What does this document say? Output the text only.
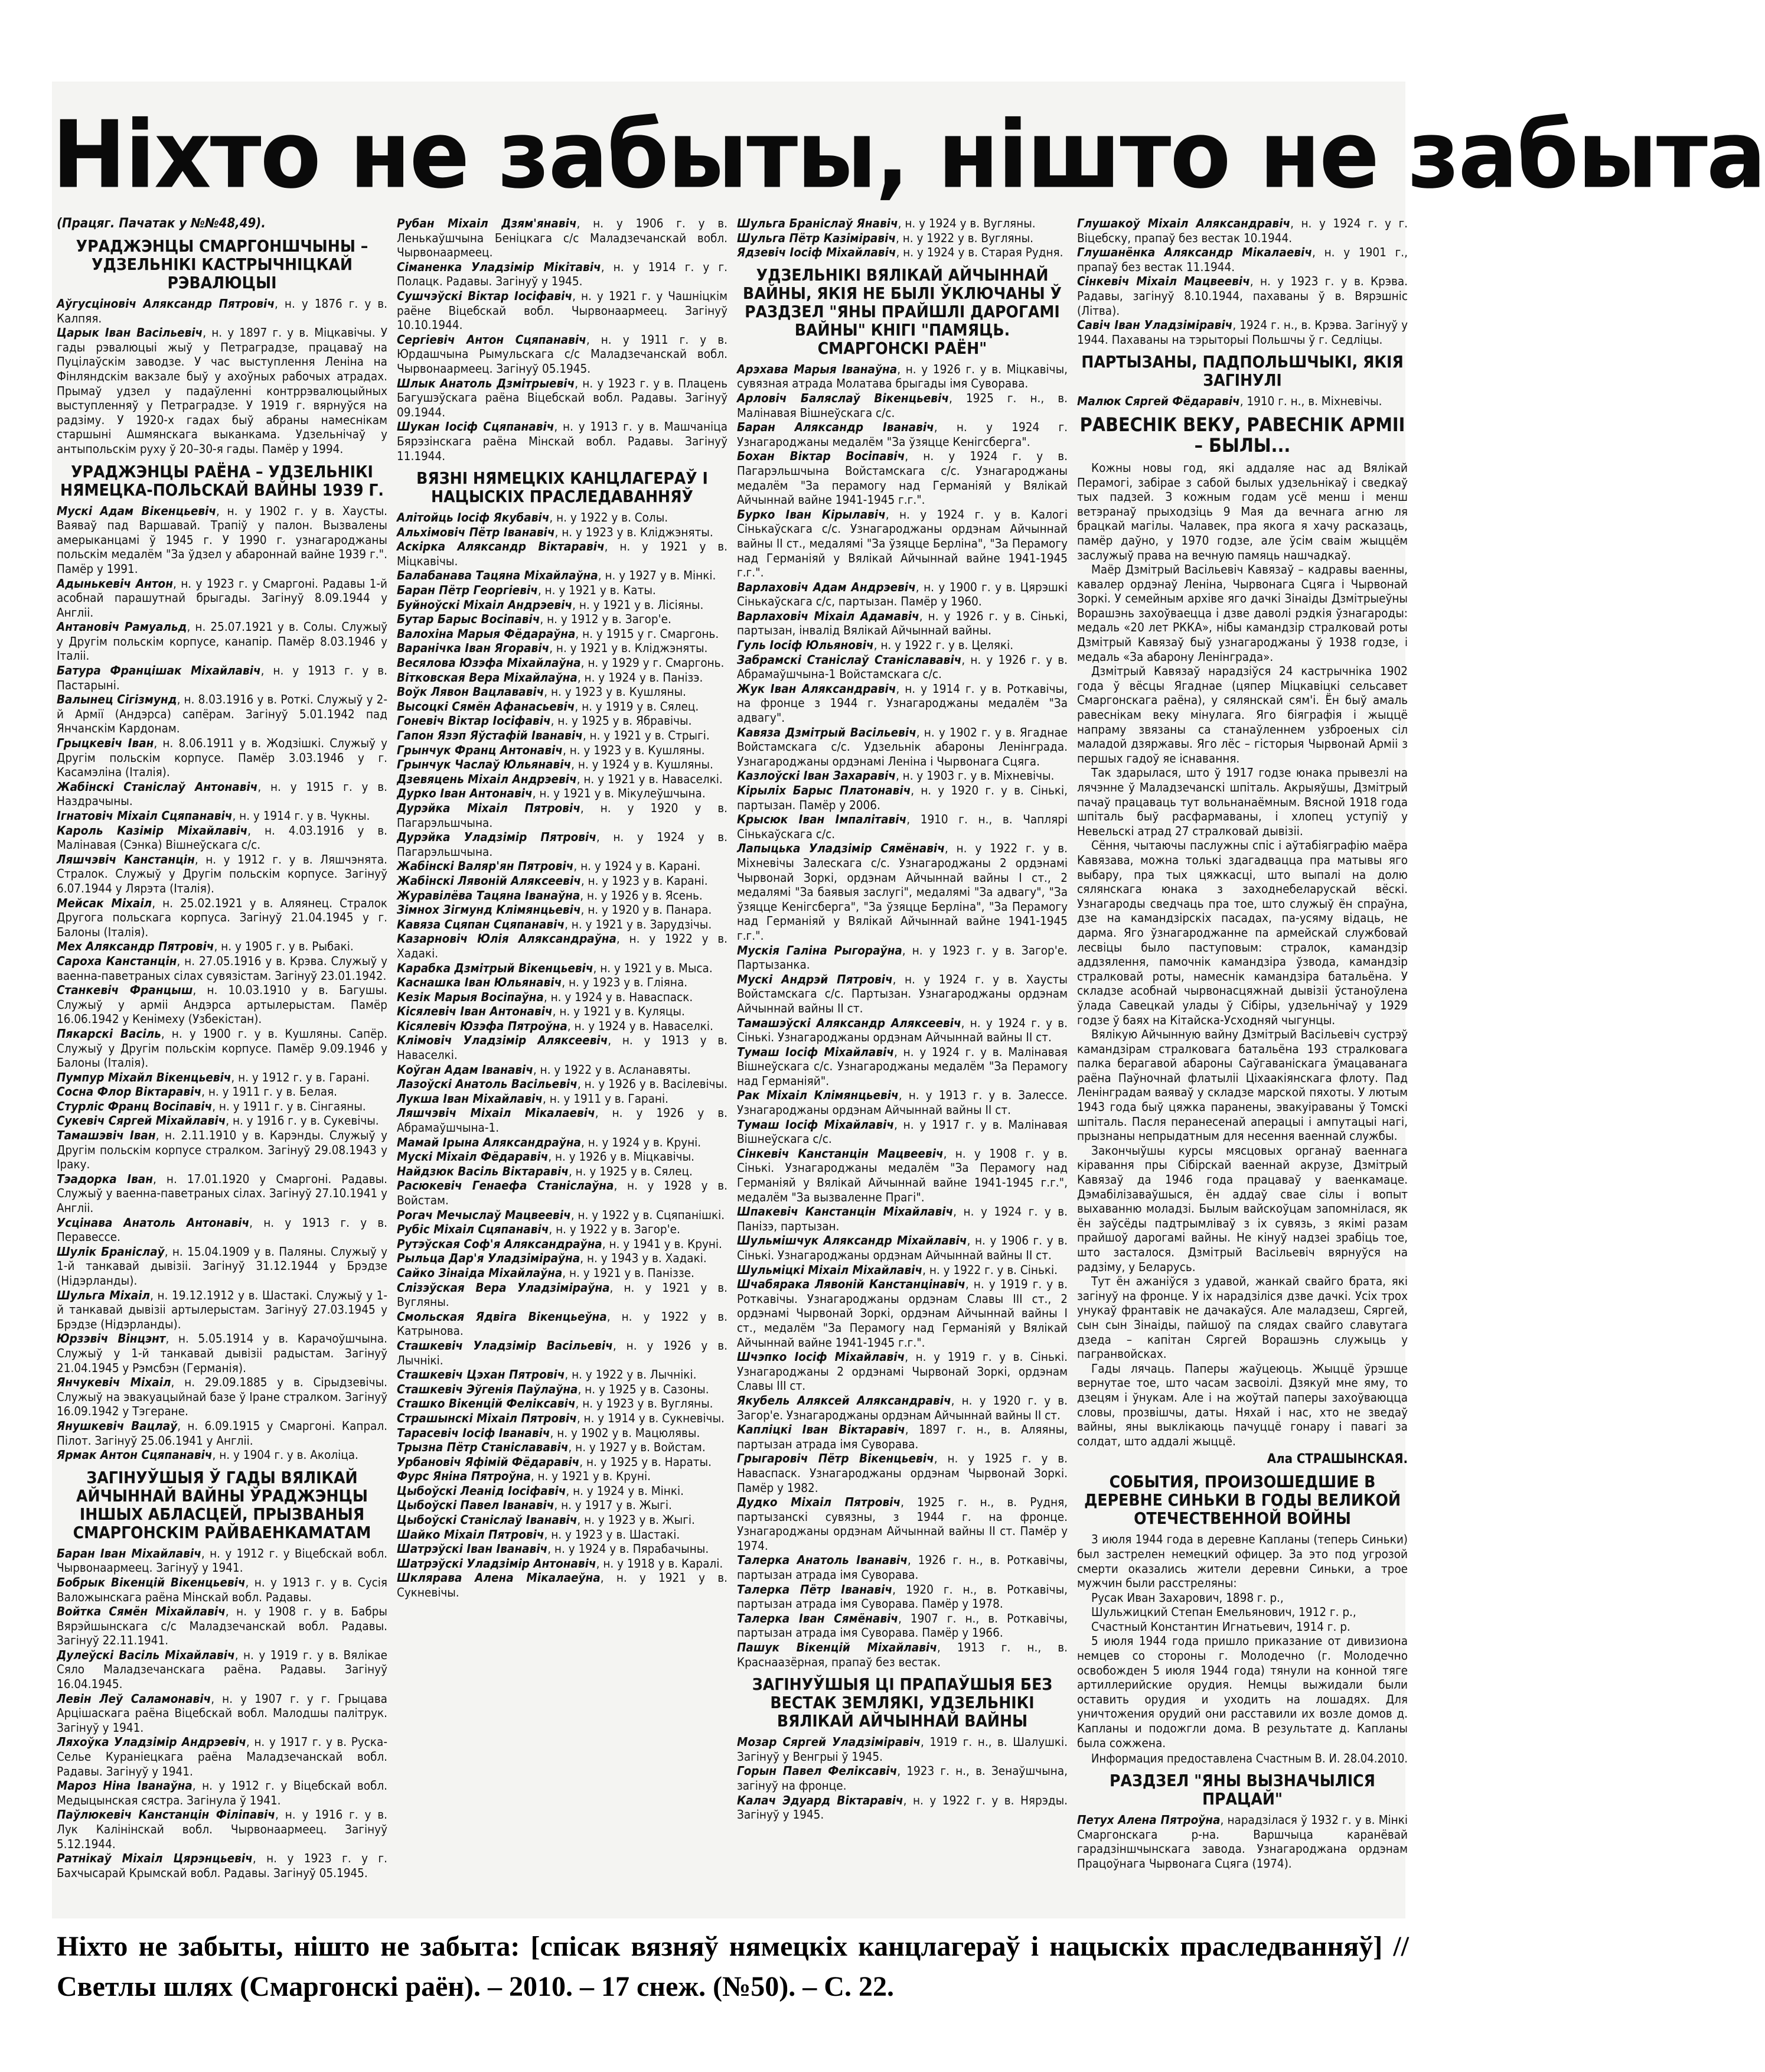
Ніхто не забыты, нішто не забыта
(Працяг. Пачатак у №№48,49).
УРАДЖЭНЦЫ СМАРГОНШЧЫНЫ – УДЗЕЛЬНІКІ КАСТРЫЧНІЦКАЙ РЭВАЛЮЦЫІ

Аўгусціновіч Аляксандр Пятровіч, н. у 1876 г. у в. Калпяя.

Царык Іван Васільевіч, н. у 1897 г. у в. Міцкавічы. У гады рэвалюцыі жыў у Петраградзе, працаваў на Пуцілаўскім заводзе. У час выступлення Леніна на Фінляндскім вакзале быў у ахоўных рабочых атрадах. Прымаў удзел у падаўленні контррэвалюцыйных выступленняў у Петраградзе. У 1919 г. вярнуўся на радзіму. У 1920-х гадах быў абраны намеснікам старшыні Ашмянскага выканкама. Удзельнічаў у антыпольскім руху ў 20–30-я гады. Памёр у 1994.

УРАДЖЭНЦЫ РАЁНА – УДЗЕЛЬНІКІ НЯМЕЦКА-ПОЛЬСКАЙ ВАЙНЫ 1939 Г.

Мускі Адам Вікенцьевіч, н. у 1902 г. у в. Хаусты. Ваяваў пад Варшавай. Трапіў у палон. Вызвалены амерыканцамі ў 1945 г. У 1990 г. узнагароджаны польскім медалём "За ўдзел у абароннай вайне 1939 г.". Памёр у 1991.

Адынькевіч Антон, н. у 1923 г. у Смаргоні. Радавы 1-й асобнай парашутнай брыгады. Загінуў 8.09.1944 у Англіі.

Антановіч Рамуальд, н. 25.07.1921 у в. Солы. Служыў у Другім польскім корпусе, канапір. Памёр 8.03.1946 у Італіі.

Батура Францішак Міхайлавіч, н. у 1913 г. у в. Пастарыні.

Валынец Сігізмунд, н. 8.03.1916 у в. Роткі. Служыў у 2-й Армії (Андэрса) сапёрам. Загінуў 5.01.1942 пад Янчанскім Кардонам.

Грыцкевіч Іван, н. 8.06.1911 у в. Жодзішкі. Служыў у Другім польскім корпусе. Памёр 3.03.1946 у г. Касамэліна (Італія).

Жабінскі Станіслаў Антонавіч, н. у 1915 г. у в. Наздрачыны.

Ігнатовіч Міхаіл Сцяпанавіч, н. у 1914 г. у в. Чукны.

Кароль Казімір Міхайлавіч, н. 4.03.1916 у в. Малінавая (Сэнка) Вішнеўскага с/с.

Ляшчэвіч Канстанцін, н. у 1912 г. у в. Ляшчэнята. Стралок. Служыў у Другім польскім корпусе. Загінуў 6.07.1944 у Лярэта (Італія).

Мейсак Міхаіл, н. 25.02.1921 у в. Аляянец. Стралок Другога польскага корпуса. Загінуў 21.04.1945 у г. Балоны (Італія).

Мех Аляксандр Пятровіч, н. у 1905 г. у в. Рыбакі.

Сароха Канстанцін, н. 27.05.1916 у в. Крэва. Служыў у ваенна-паветраных сілах сувязістам. Загінуў 23.01.1942.

Станкевіч Францыш, н. 10.03.1910 у в. Багушы. Служыў у арміі Андэрса артылерыстам. Памёр 16.06.1942 у Кенімеху (Узбекістан).

Пякарскі Васіль, н. у 1900 г. у в. Кушляны. Сапёр. Служыў у Другім польскім корпусе. Памёр 9.09.1946 у Балоны (Італія).

Пумпур Міхайл Вікенцьевіч, н. у 1912 г. у в. Гарані.

Сосна Флор Віктаравіч, н. у 1911 г. у в. Белая.

Стурліс Франц Восіпавіч, н. у 1911 г. у в. Сінгаяны.

Сукевіч Сяргей Міхайлавіч, н. у 1916 г. у в. Сукевічы.

Тамашэвіч Іван, н. 2.11.1910 у в. Карэнды. Служыў у Другім польскім корпусе стралком. Загінуў 29.08.1943 у Іраку.

Тэадорка Іван, н. 17.01.1920 у Смаргоні. Радавы. Служыў у ваенна-паветраных сілах. Загінуў 27.10.1941 у Англіі.

Усцінава Анатоль Антонавіч, н. у 1913 г. у в. Перавессе.

Шулік Браніслаў, н. 15.04.1909 у в. Паляны. Служыў у 1-й танкавай дывізіі. Загінуў 31.12.1944 у Брэдзе (Нідэрланды).

Шульга Міхаіл, н. 19.12.1912 у в. Шастакі. Служыў у 1-й танкавай дывізіі артылерыстам. Загінуў 27.03.1945 у Брэдзе (Нідэрланды).

Юрзэвіч Вінцэнт, н. 5.05.1914 у в. Карачоўшчына. Служыў у 1-й танкавай дывізіі радыстам. Загінуў 21.04.1945 у Рэмсбэн (Германія).

Янчукевіч Міхаіл, н. 29.09.1885 у в. Сірыдзевічы. Служыў на эвакуацыйнай базе ў Іране стралком. Загінуў 16.09.1942 у Тэгеране.

Янушкевіч Вацлаў, н. 6.09.1915 у Смаргоні. Капрал. Пілот. Загінуў 25.06.1941 у Англіі.

Ярмак Антон Сцяпанавіч, н. у 1904 г. у в. Аколіца.

ЗАГІНУЎШЫЯ Ў ГАДЫ ВЯЛІКАЙ АЙЧЫННАЙ ВАЙНЫ ЎРАДЖЭНЦЫ ІНШЫХ АБЛАСЦЕЙ, ПРЫЗВАНЫЯ СМАРГОНСКІМ РАЙВАЕНКАМАТАМ

Баран Іван Міхайлавіч, н. у 1912 г. у Віцебскай вобл. Чырвонаармеец. Загінуў у 1941.

Бобрык Вікенцій Вікенцьевіч, н. у 1913 г. у в. Сусія Валожынскага раёна Мінскай вобл. Радавы.

Войтка Сямён Міхайлавіч, н. у 1908 г. у в. Бабры Вярэйшынскага с/с Маладзечанскай вобл. Радавы. Загінуў 22.11.1941.

Дулеўскі Васіль Міхайлавіч, н. у 1919 г. у в. Вялікае Сяло Маладзечанскага раёна. Радавы. Загінуў 16.04.1945.

Левін Леў Саламонавіч, н. у 1907 г. у г. Грыцава Арцішаскага раёна Віцебскай вобл. Малодшы палітрук. Загінуў у 1941.

Ляхоўка Уладзімір Андрэевіч, н. у 1917 г. у в. Руска-Селье Кураніецкага раёна Маладзечанскай вобл. Радавы. Загінуў у 1941.

Мароз Ніна Іванаўна, н. у 1912 г. у Віцебскай вобл. Медыцынская сястра. Загінула ў 1941.

Паўлюкевіч Канстанцін Філіпавіч, н. у 1916 г. у в. Лук Калінінскай вобл. Чырвонаармеец. Загінуў 5.12.1944.

Ратнікаў Міхаіл Цярэнцьевіч, н. у 1923 г. у г. Бахчысарай Крымскай вобл. Радавы. Загінуў 05.1945.

Рубан Міхаіл Дзям'янавіч, н. у 1906 г. у в. Ленькаўшчына Беніцкага с/с Маладзечанскай вобл. Чырвонаармеец.

Сіманенка Уладзімір Мікітавіч, н. у 1914 г. у г. Полацк. Радавы. Загінуў у 1945.

Сушчэўскі Віктар Іосіфавіч, н. у 1921 г. у Чашніцкім раёне Віцебскай вобл. Чырвонаармеец. Загінуў 10.10.1944.

Сергіевіч Антон Сцяпанавіч, н. у 1911 г. у в. Юрдашчына Рымульскага с/с Маладзечанскай вобл. Чырвонаармеец. Загінуў 05.1945.

Шлык Анатоль Дзмітрыевіч, н. у 1923 г. у в. Плацень Багушэўскага раёна Віцебскай вобл. Радавы. Загінуў 09.1944.

Шукан Іосіф Сцяпанавіч, н. у 1913 г. у в. Машчаніца Бярэзінскага раёна Мінскай вобл. Радавы. Загінуў 11.1944.

ВЯЗНІ НЯМЕЦКІХ КАНЦЛАГЕРАЎ І НАЦЫСКІХ ПРАСЛЕДАВАННЯЎ

Алітойць Іосіф Якубавіч, н. у 1922 у в. Солы.

Альхімовіч Пётр Іванавіч, н. у 1923 у в. Кліджэняты.

Аскірка Аляксандр Віктаравіч, н. у 1921 у в. Міцкавічы.

Балабанава Тацяна Міхайлаўна, н. у 1927 у в. Мінкі.

Баран Пётр Георгіевіч, н. у 1921 у в. Каты.

Буйноўскі Міхаіл Андрэевіч, н. у 1921 у в. Лісіяны.

Бутар Барыс Восіпавіч, н. у 1912 у в. Загор'е.

Валохіна Марыя Фёдараўна, н. у 1915 у г. Смаргонь.

Варанічка Іван Ягоравіч, н. у 1921 у в. Кліджэняты.

Весялова Юзэфа Міхайлаўна, н. у 1929 у г. Смаргонь.

Вітковская Вера Міхайлаўна, н. у 1924 у в. Панізэ.

Воўк Лявон Вацлававіч, н. у 1923 у в. Кушляны.

Высоцкі Сямён Афанасьевіч, н. у 1919 у в. Сялец.

Гоневіч Віктар Іосіфавіч, н. у 1925 у в. Ябравічы.

Гапон Язэп Яўстафій Іванавіч, н. у 1921 у в. Стрыгі.

Грынчук Франц Антонавіч, н. у 1923 у в. Кушляны.

Грынчук Часлаў Юльянавіч, н. у 1924 у в. Кушляны.

Дзевяцень Міхаіл Андрэевіч, н. у 1921 у в. Наваселкі.

Дурко Іван Антонавіч, н. у 1921 у в. Мікулеўшчына.

Дурэйка Міхаіл Пятровіч, н. у 1920 у в. Пагарэльшчына.

Дурэйка Уладзімір Пятровіч, н. у 1924 у в. Пагарэльшчына.

Жабінскі Валяр'ян Пятровіч, н. у 1924 у в. Карані.

Жабінскі Лявоній Аляксеевіч, н. у 1923 у в. Карані.

Журавілёва Тацяна Іванаўна, н. у 1926 у в. Ясень.

Зімнох Зігмунд Клімянцьевіч, н. у 1920 у в. Панара.

Кавяза Сцяпан Сцяпанавіч, н. у 1921 у в. Зарудзічы.

Казарновіч Юлія Аляксандраўна, н. у 1922 у в. Хадакі.

Карабка Дзмітрый Вікенцьевіч, н. у 1921 у в. Мыса.

Каснашка Іван Юльянавіч, н. у 1923 у в. Гліяна.

Кезік Марыя Восіпаўна, н. у 1924 у в. Наваспаск.

Кісялевіч Іван Антонавіч, н. у 1921 у в. Куляцы.

Кісялевіч Юзэфа Пятроўна, н. у 1924 у в. Наваселкі.

Клімовіч Уладзімір Аляксеевіч, н. у 1913 у в. Наваселкі.

Коўган Адам Іванавіч, н. у 1922 у в. Асланавяты.

Лазоўскі Анатоль Васільевіч, н. у 1926 у в. Васілевічы.

Лукша Іван Міхайлавіч, н. у 1911 у в. Гарані.

Ляшчэвіч Міхаіл Мікалаевіч, н. у 1926 у в. Абрамаўшчына-1.

Мамай Ірына Аляксандраўна, н. у 1924 у в. Круні.

Мускі Міхаіл Фёдаравіч, н. у 1926 у в. Міцкавічы.

Найдзюк Васіль Віктаравіч, н. у 1925 у в. Сялец.

Расюкевіч Генаефа Станіслаўна, н. у 1928 у в. Войстам.

Рогач Мечыслаў Мацвеевіч, н. у 1922 у в. Сцяпанішкі.

Рубіс Міхаіл Сцяпанавіч, н. у 1922 у в. Загор'е.

Рутэўская Соф'я Аляксандраўна, н. у 1941 у в. Круні.

Рыльца Дар'я Уладзіміраўна, н. у 1943 у в. Хадакі.

Сайко Зінаіда Міхайлаўна, н. у 1921 у в. Паніззе.

Слізэўская Вера Уладзіміраўна, н. у 1921 у в. Вугляны.

Смольская Ядвіга Вікенцьеўна, н. у 1922 у в. Катрынова.

Сташкевіч Уладзімір Васільевіч, н. у 1926 у в. Лычнікі.

Сташкевіч Цэхан Пятровіч, н. у 1922 у в. Лычнікі.

Сташкевіч Эўгенія Паўлаўна, н. у 1925 у в. Сазоны.

Сташко Вікенцій Феліксавіч, н. у 1923 у в. Вугляны.

Страшынскі Міхаіл Пятровіч, н. у 1914 у в. Сукневічы.

Тарасевіч Іосіф Іванавіч, н. у 1902 у в. Мацюлявы.

Трызна Пётр Станіслававіч, н. у 1927 у в. Войстам.

Урбановіч Яфімій Фёдаравіч, н. у 1925 у в. Нараты.

Фурс Яніна Пятроўна, н. у 1921 у в. Круні.

Цыбоўскі Леанід Іосіфавіч, н. у 1924 у в. Мінкі.

Цыбоўскі Павел Іванавіч, н. у 1917 у в. Жыгі.

Цыбоўскі Станіслаў Іванавіч, н. у 1923 у в. Жыгі.

Шайко Міхаіл Пятровіч, н. у 1923 у в. Шастакі.

Шатрэўскі Іван Іванавіч, н. у 1924 у в. Пярабачыны.

Шатрэўскі Уладзімір Антонавіч, н. у 1918 у в. Каралі.

Шклярава Алена Мікалаеўна, н. у 1921 у в. Сукневічы.

Шульга Браніслаў Янавіч, н. у 1924 у в. Вугляны.

Шульга Пётр Казіміравіч, н. у 1922 у в. Вугляны.

Ядзевіч Іосіф Міхайлавіч, н. у 1924 у в. Старая Рудня.

УДЗЕЛЬНІКІ ВЯЛІКАЙ АЙЧЫННАЙ ВАЙНЫ, ЯКІЯ НЕ БЫЛІ ЎКЛЮЧАНЫ Ў РАЗДЗЕЛ "ЯНЫ ПРАЙШЛІ ДАРОГАМІ ВАЙНЫ" КНІГІ "ПАМЯЦЬ. СМАРГОНСКІ РАЁН"

Арэхава Марыя Іванаўна, н. у 1926 г. у в. Міцкавічы, сувязная атрада Молатава брыгады імя Суворава.

Арловіч Баляслаў Вікенцьевіч, 1925 г. н., в. Малінавая Вішнеўскага с/с.

Баран Аляксандр Іванавіч, н. у 1924 г. Узнагароджаны медалём "За ўзяцце Кенігсберга".

Бохан Віктар Восіпавіч, н. у 1924 г. у в. Пагарэльшчына Войстамскага с/с. Узнагароджаны медалём "За перамогу над Германіяй у Вялікай Айчыннай вайне 1941-1945 г.г.".

Бурко Іван Кірылавіч, н. у 1924 г. у в. Калогі Сінькаўскага с/с. Узнагароджаны ордэнам Айчыннай вайны ІІ ст., медалямі "За ўзяцце Берліна", "За Перамогу над Германіяй у Вялікай Айчыннай вайне 1941-1945 г.г.".

Варлаховіч Адам Андрэевіч, н. у 1900 г. у в. Цярэшкі Сінькаўскага с/с, партызан. Памёр у 1960.

Варлаховіч Міхаіл Адамавіч, н. у 1926 г. у в. Сінькі, партызан, інвалід Вялікай Айчыннай вайны.

Гуль Іосіф Юльяновіч, н. у 1922 г. у в. Целякі.

Забрамскі Станіслаў Станіслававіч, н. у 1926 г. у в. Абрамаўшчына-1 Войстамскага с/с.

Жук Іван Аляксандравіч, н. у 1914 г. у в. Роткавічы, на фронце з 1944 г. Узнагароджаны медалём "За адвагу".

Кавяза Дзмітрый Васільевіч, н. у 1902 г. у в. Ягаднае Войстамскага с/с. Удзельнік абароны Ленінграда. Узнагароджаны ордэнамі Леніна і Чырвонага Сцяга.

Казлоўскі Іван Захаравіч, н. у 1903 г. у в. Міхневічы.

Кірыліх Барыс Платонавіч, н. у 1920 г. у в. Сінькі, партызан. Памёр у 2006.

Крысюк Іван Імпалітавіч, 1910 г. н., в. Чаплярі Сінькаўскага с/с.

Лапыцька Уладзімір Сямёнавіч, н. у 1922 г. у в. Міхневічы Залескага с/с. Узнагароджаны 2 ордэнамі Чырвонай Зоркі, ордэнам Айчыннай вайны І ст., 2 медалямі "За баявыя заслугі", медалямі "За адвагу", "За ўзяцце Кенігсберга", "За ўзяцце Берліна", "За Перамогу над Германіяй у Вялікай Айчыннай вайне 1941-1945 г.г.".

Мускія Галіна Рыгораўна, н. у 1923 г. у в. Загор'е. Партызанка.

Мускі Андрэй Пятровіч, н. у 1924 г. у в. Хаусты Войстамскага с/с. Партызан. Узнагароджаны ордэнам Айчыннай вайны ІІ ст.

Тамашэўскі Аляксандр Аляксеевіч, н. у 1924 г. у в. Сінькі. Узнагароджаны ордэнам Айчыннай вайны ІІ ст.

Тумаш Іосіф Міхайлавіч, н. у 1924 г. у в. Малінавая Вішнеўскага с/с. Узнагароджаны медалём "За Перамогу над Германіяй".

Рак Міхаіл Клімянцьевіч, н. у 1913 г. у в. Залессе. Узнагароджаны ордэнам Айчыннай вайны ІІ ст.

Тумаш Іосіф Міхайлавіч, н. у 1917 г. у в. Малінавая Вішнеўскага с/с.

Сінкевіч Канстанцін Мацвеевіч, н. у 1908 г. у в. Сінькі. Узнагароджаны медалём "За Перамогу над Германіяй у Вялікай Айчыннай вайне 1941-1945 г.г.", медалём "За вызваленне Прагі".

Шпакевіч Канстанцін Міхайлавіч, н. у 1924 г. у в. Панізэ, партызан.

Шульмішчук Аляксандр Міхайлавіч, н. у 1906 г. у в. Сінькі. Узнагароджаны ордэнам Айчыннай вайны ІІ ст.

Шульміцкі Міхаіл Міхайлавіч, н. у 1922 г. у в. Сінькі.

Шчабярака Лявоній Канстанцінавіч, н. у 1919 г. у в. Роткавічы. Узнагароджаны ордэнам Славы ІІІ ст., 2 ордэнамі Чырвонай Зоркі, ордэнам Айчыннай вайны І ст., медалём "За Перамогу над Германіяй у Вялікай Айчыннай вайне 1941-1945 г.г.".

Шчэпко Іосіф Міхайлавіч, н. у 1919 г. у в. Сінькі. Узнагароджаны 2 ордэнамі Чырвонай Зоркі, ордэнам Славы ІІІ ст.

Якубель Аляксей Аляксандравіч, н. у 1920 г. у в. Загор'е. Узнагароджаны ордэнам Айчыннай вайны ІІ ст.

Капліцкі Іван Віктаравіч, 1897 г. н., в. Аляяны, партызан атрада імя Суворава.

Грыгаровіч Пётр Вікенцьевіч, н. у 1925 г. у в. Наваспаск. Узнагароджаны ордэнам Чырвонай Зоркі. Памёр у 1982.

Дудко Міхаіл Пятровіч, 1925 г. н., в. Рудня, партызанскі сувязны, з 1944 г. на фронце. Узнагароджаны ордэнам Айчыннай вайны ІІ ст. Памёр у 1974.

Талерка Анатоль Іванавіч, 1926 г. н., в. Роткавічы, партызан атрада імя Суворава.

Талерка Пётр Іванавіч, 1920 г. н., в. Роткавічы, партызан атрада імя Суворава. Памёр у 1978.

Талерка Іван Сямёнавіч, 1907 г. н., в. Роткавічы, партызан атрада імя Суворава. Памёр у 1966.

Пашук Вікенцій Міхайлавіч, 1913 г. н., в. Краснаазёрная, прапаў без вестак.

ЗАГІНУЎШЫЯ ЦІ ПРАПАЎШЫЯ БЕЗ ВЕСТАК ЗЕМЛЯКІ, УДЗЕЛЬНІКІ ВЯЛІКАЙ АЙЧЫННАЙ ВАЙНЫ

Мозар Сяргей Уладзіміравіч, 1919 г. н., в. Шалушкі. Загінуў у Венгрыі ў 1945.

Горын Павел Феліксавіч, 1923 г. н., в. Зенаўшчына, загінуў на фронце.

Калач Эдуард Віктаравіч, н. у 1922 г. у в. Нярэды. Загінуў у 1945.

Глушакоў Міхаіл Аляксандравіч, н. у 1924 г. у г. Віцебску, прапаў без вестак 10.1944.

Глушанёнка Аляксандр Мікалаевіч, н. у 1901 г., прапаў без вестак 11.1944.

Сінкевіч Міхаіл Мацвеевіч, н. у 1923 г. у в. Крэва. Радавы, загінуў 8.10.1944, пахаваны ў в. Вярэшніс (Літва).

Савіч Іван Уладзіміравіч, 1924 г. н., в. Крэва. Загінуў у 1944. Пахаваны на тэрыторыі Польшчы ў г. Седліцы.

ПАРТЫЗАНЫ, ПАДПОЛЬШЧЫКІ, ЯКІЯ ЗАГІНУЛІ

Малюк Сяргей Фёдаравіч, 1910 г. н., в. Міхневічы.

РАВЕСНІК ВЕКУ, РАВЕСНІК АРМІІ – БЫЛЫ...

Кожны новы год, які аддаляе нас ад Вялікай Перамогі, забірае з сабой былых удзельнікаў і сведкаў тых падзей. З кожным годам усё менш і менш ветэранаў прыходзіць 9 Мая да вечнага агню ля брацкай магілы. Чалавек, пра якога я хачу расказаць, памёр даўно, у 1970 годзе, але ўсім сваім жыццём заслужыў права на вечную памяць нашчадкаў.

Маёр Дзмітрый Васільевіч Кавязаў – кадравы ваенны, кавалер ордэнаў Леніна, Чырвонага Сцяга і Чырвонай Зоркі. У семейным архіве яго дачкі Зінаіды Дзмітрыеўны Ворашэнь захоўваецца і дзве даволі рэдкія ўзнагароды: медаль «20 лет РККА», нібы камандзір стралковай роты Дзмітрый Кавязаў быў узнагароджаны ў 1938 годзе, і медаль «За абарону Ленінграда».

Дзмітрый Кавязаў нарадзіўся 24 кастрычніка 1902 года ў вёсцы Ягаднае (цяпер Міцкавіцкі сельсавет Смаргонскага раёна), у сялянскай сям'і. Ён быў амаль равеснікам веку мінулага. Яго біяграфія і жыццё напраму звязаны са станаўленнем узброеных сіл маладой дзяржавы. Яго лёс – гісторыя Чырвонай Арміі з першых гадоў яе існавання.

Так здарылася, што ў 1917 годзе юнака прывезлі на лячэнне ў Маладзечанскі шпіталь. Акрыяўшы, Дзмітрый пачаў працаваць тут вольнанаёмным. Вясной 1918 года шпіталь быў расфармаваны, і хлопец уступіў у Невельскі атрад 27 стралковай дывізіі.

Сёння, чытаючы паслужны спіс і аўтабіяграфію маёра Кавязава, можна толькі здагадвацца пра матывы яго выбару, пра тых цяжкасці, што выпалі на долю сялянскага юнака з заходнебеларускай вёскі. Узнагароды сведчаць пра тое, што служыў ён спраўна, дзе на камандзірскіх пасадах, па-усяму відаць, не дарма. Яго ўзнагароджанне па армейскай службовай лесвіцы было паступовым: стралок, камандзір аддзялення, памочнік камандзіра ўзвода, камандзір стралковай роты, намеснік камандзіра батальёна. У складзе асобнай чырвонасцяжнай дывізіі ўстаноўлена ўлада Савецкай улады ў Сібіры, удзельнічаў у 1929 годзе ў баях на Кітайска-Усходняй чыгунцы.

Вялікую Айчынную вайну Дзмітрый Васільевіч сустрэў камандзірам стралковага батальёна 193 стралковага палка берагавой абароны Саўгаваніскага ўмацаванага раёна Паўночнай флатыліі Ціхаакіянскага флоту. Пад Ленінградам ваяваў у складзе марской пяхоты. У лютым 1943 года быў цяжка паранены, эвакуіраваны ў Томскі шпіталь. Пасля перанесенай аперацыі і ампутацыі нагі, прызнаны непрыдатным для несення ваеннай службы.

Закончыўшы курсы мясцовых органаў ваеннага кіравання пры Сібірскай ваеннай акрузе, Дзмітрый Кавязаў да 1946 года працаваў у ваенкамаце. Дэмабілізаваўшыся, ён аддаў свае сілы і вопыт выхаванню моладзі. Былым вайскоўцам запомнілася, як ён заўсёды падтрымліваў з іх сувязь, з якімі разам прайшоў дарогамі вайны. Не кінуў надзеі зрабіць тое, што засталося. Дзмітрый Васільевіч вярнуўся на радзіму, у Беларусь.

Тут ён ажаніўся з удавой, жанкай свайго брата, які загінуў на фронце. У іх нарадзіліся дзве дачкі. Усіх трох унукаў франтавік не дачакаўся. Але маладзеш, Сяргей, сын сын Зінаіды, пайшоў па слядах свайго славутага дзеда – капітан Сяргей Ворашэнь служыць у пагранвойсках.

Гады лячаць. Паперы жаўцеюць. Жыццё ўрэшце вернутае тое, што часам засвоілі. Дзякуй мне яму, то дзецям і ўнукам. Але і на жоўтай паперы захоўваюцца словы, прозвішчы, даты. Няхай і нас, хто не зведаў вайны, яны выклікаюць пачуццё гонару і павагі за солдат, што аддалі жыццё.

Ала СТРАШЫНСКАЯ.
СОБЫТИЯ, ПРОИЗОШЕДШИЕ В ДЕРЕВНЕ СИНЬКИ В ГОДЫ ВЕЛИКОЙ ОТЕЧЕСТВЕННОЙ ВОЙНЫ

3 июля 1944 года в деревне Капланы (теперь Синьки) был застрелен немецкий офицер. За это под угрозой смерти оказались жители деревни Синьки, а трое мужчин были расстреляны:

Русак Иван Захарович, 1898 г. р.,

Шульжицкий Степан Емельянович, 1912 г. р.,

Счастный Константин Игнатьевич, 1914 г. р.

5 июля 1944 года пришло приказание от дивизиона немцев со стороны г. Молодечно (г. Молодечно освобожден 5 июля 1944 года) тянули на конной тяге артиллерийские орудия. Немцы выжидали были оставить орудия и уходить на лошадях. Для уничтожения орудий они расставили их возле домов д. Капланы и подожгли дома. В результате д. Капланы была сожжена.

Информация предоставлена Счастным В. И. 28.04.2010.
РАЗДЗЕЛ "ЯНЫ ВЫЗНАЧЫЛІСЯ ПРАЦАЙ"

Петух Алена Пятроўна, нарадзілася ў 1932 г. у в. Мінкі Смаргонскага р-на. Варшчыца каранёвай гарадзіншчынскага завода. Узнагароджана ордэнам Працоўнага Чырвонага Сцяга (1974).

Ніхто не забыты, нішто не забыта: [спісак вязняў нямецкіх канцлагераў і нацыскіх праследванняў] // Светлы шлях (Смаргонскі раён). – 2010. – 17 снеж. (№50). – С. 22.
